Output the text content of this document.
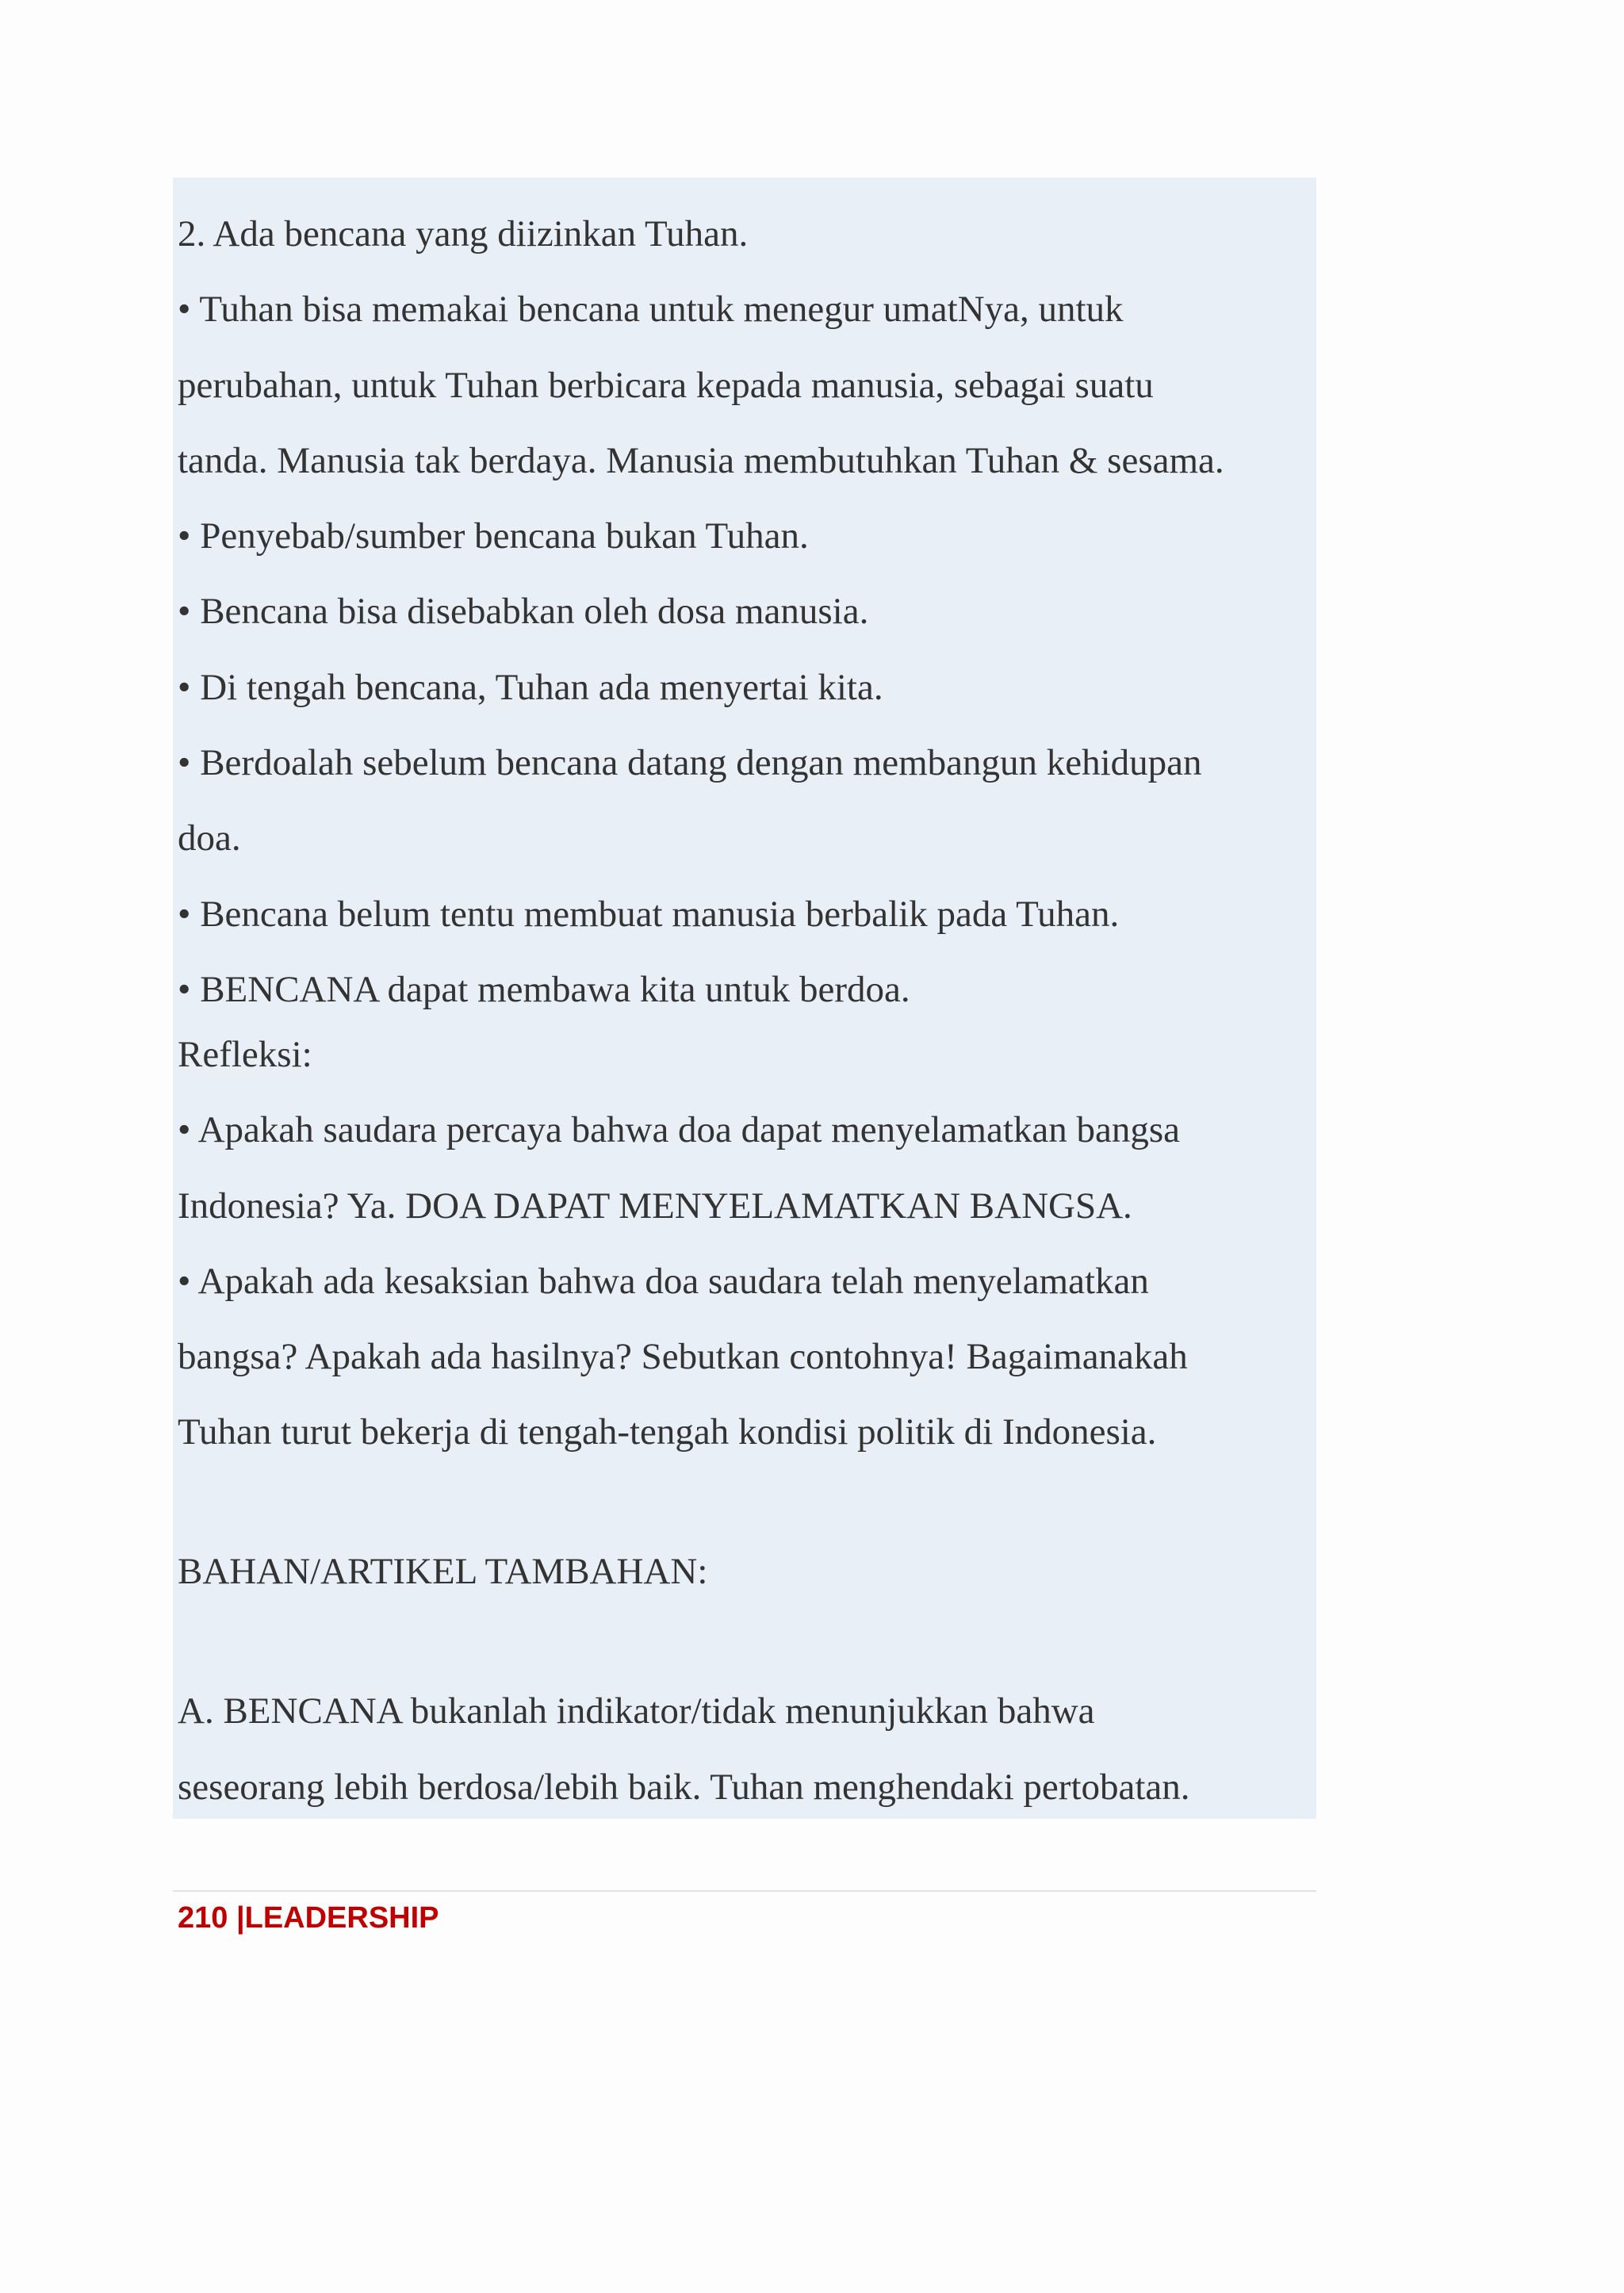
2. Ada bencana yang diizinkan Tuhan.
• Tuhan bisa memakai bencana untuk menegur umatNya, untuk
perubahan, untuk Tuhan berbicara kepada manusia, sebagai suatu
tanda. Manusia tak berdaya. Manusia membutuhkan Tuhan & sesama.
• Penyebab/sumber bencana bukan Tuhan.
• Bencana bisa disebabkan oleh dosa manusia.
• Di tengah bencana, Tuhan ada menyertai kita.
• Berdoalah sebelum bencana datang dengan membangun kehidupan
doa.
• Bencana belum tentu membuat manusia berbalik pada Tuhan.
• BENCANA dapat membawa kita untuk berdoa.
Refleksi:
• Apakah saudara percaya bahwa doa dapat menyelamatkan bangsa
Indonesia? Ya. DOA DAPAT MENYELAMATKAN BANGSA.
• Apakah ada kesaksian bahwa doa saudara telah menyelamatkan
bangsa? Apakah ada hasilnya? Sebutkan contohnya! Bagaimanakah
Tuhan turut bekerja di tengah-tengah kondisi politik di Indonesia.
BAHAN/ARTIKEL TAMBAHAN:
A. BENCANA bukanlah indikator/tidak menunjukkan bahwa
seseorang lebih berdosa/lebih baik. Tuhan menghendaki pertobatan.
210 |LEADERSHIP
